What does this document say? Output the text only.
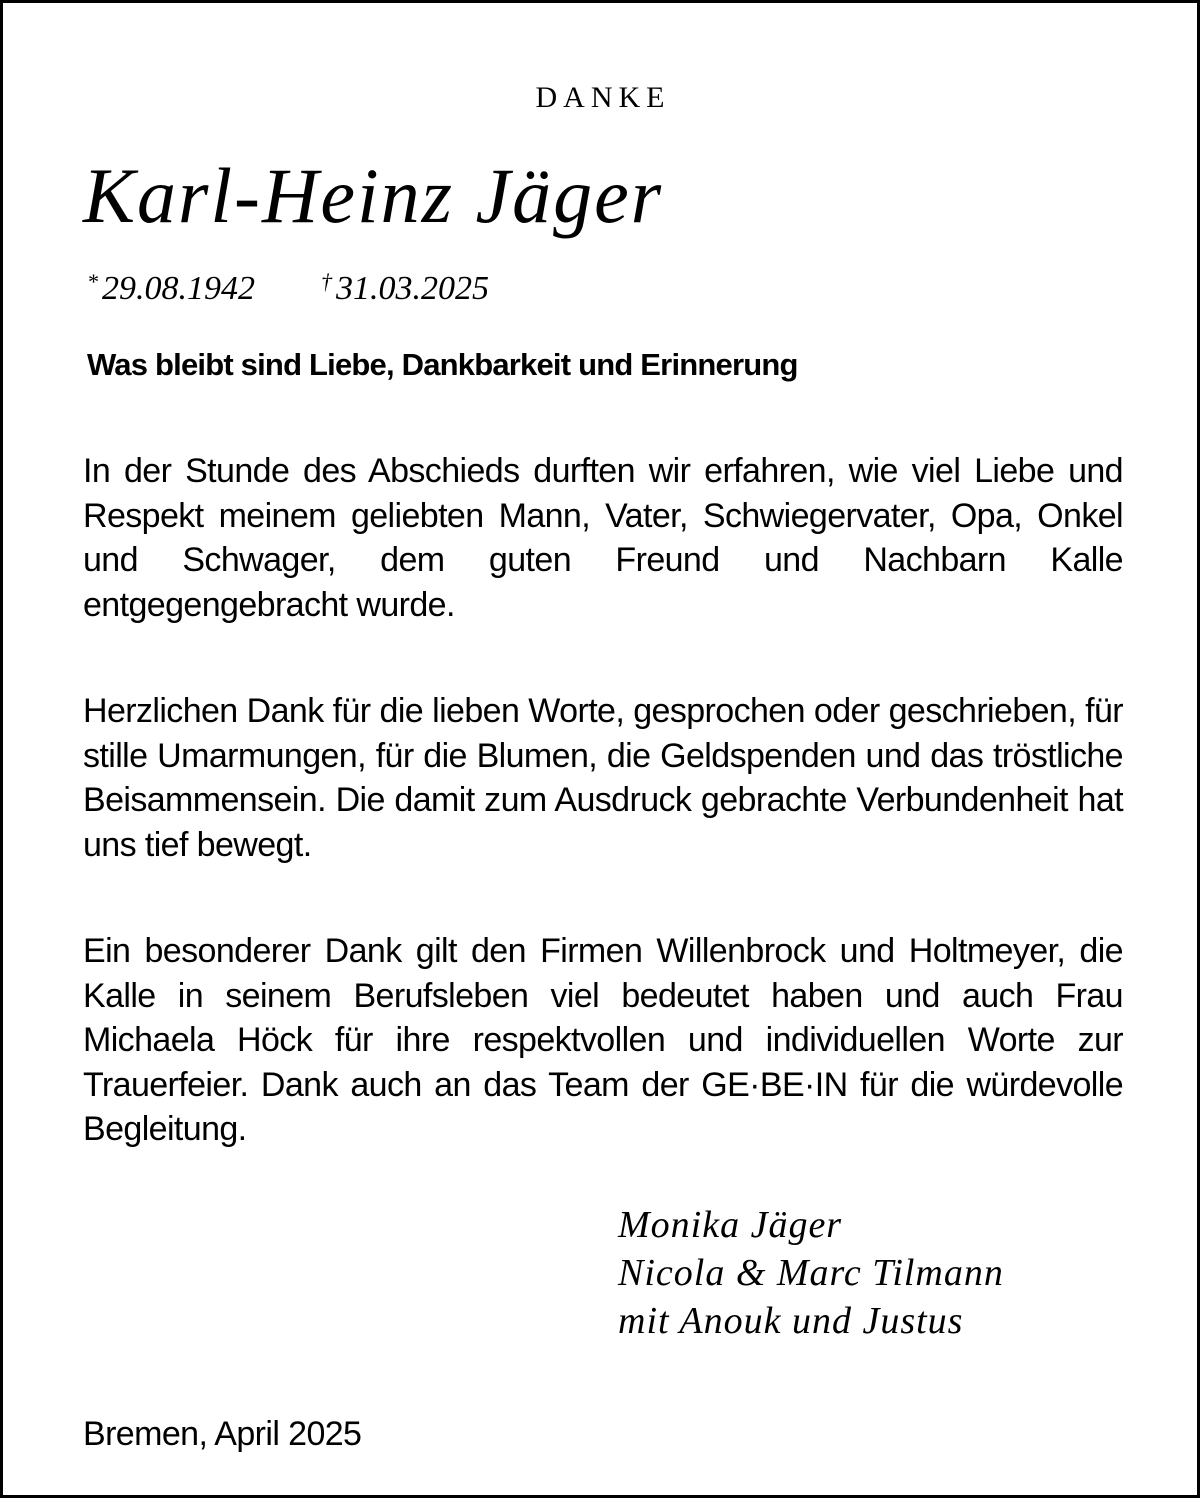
DANKE
Karl-Heinz Jäger
* 29.08.1942	† 31.03.2025

Was bleibt sind Liebe, Dankbarkeit und Erinnerung

In der Stunde des Abschieds durften wir erfahren, wie viel Liebe und Respekt meinem geliebten Mann, Vater, Schwiegervater, Opa, Onkel und Schwager, dem guten Freund und Nachbarn Kalle entgegengebracht wurde.

Herzlichen Dank für die lieben Worte, gesprochen oder geschrieben, für stille Umarmungen, für die Blumen, die Geldspenden und das tröstliche Beisammensein. Die damit zum Ausdruck gebrachte Verbundenheit hat uns tief bewegt.

Ein besonderer Dank gilt den Firmen Willenbrock und Holtmeyer, die Kalle in seinem Berufsleben viel bedeutet haben und auch Frau Michaela Höck für ihre respektvollen und individuellen Worte zur Trauerfeier. Dank auch an das Team der GE·BE·IN für die würdevolle Begleitung.

Monika Jäger
Nicola & Marc Tilmann
mit Anouk und Justus
Bremen, April 2025
